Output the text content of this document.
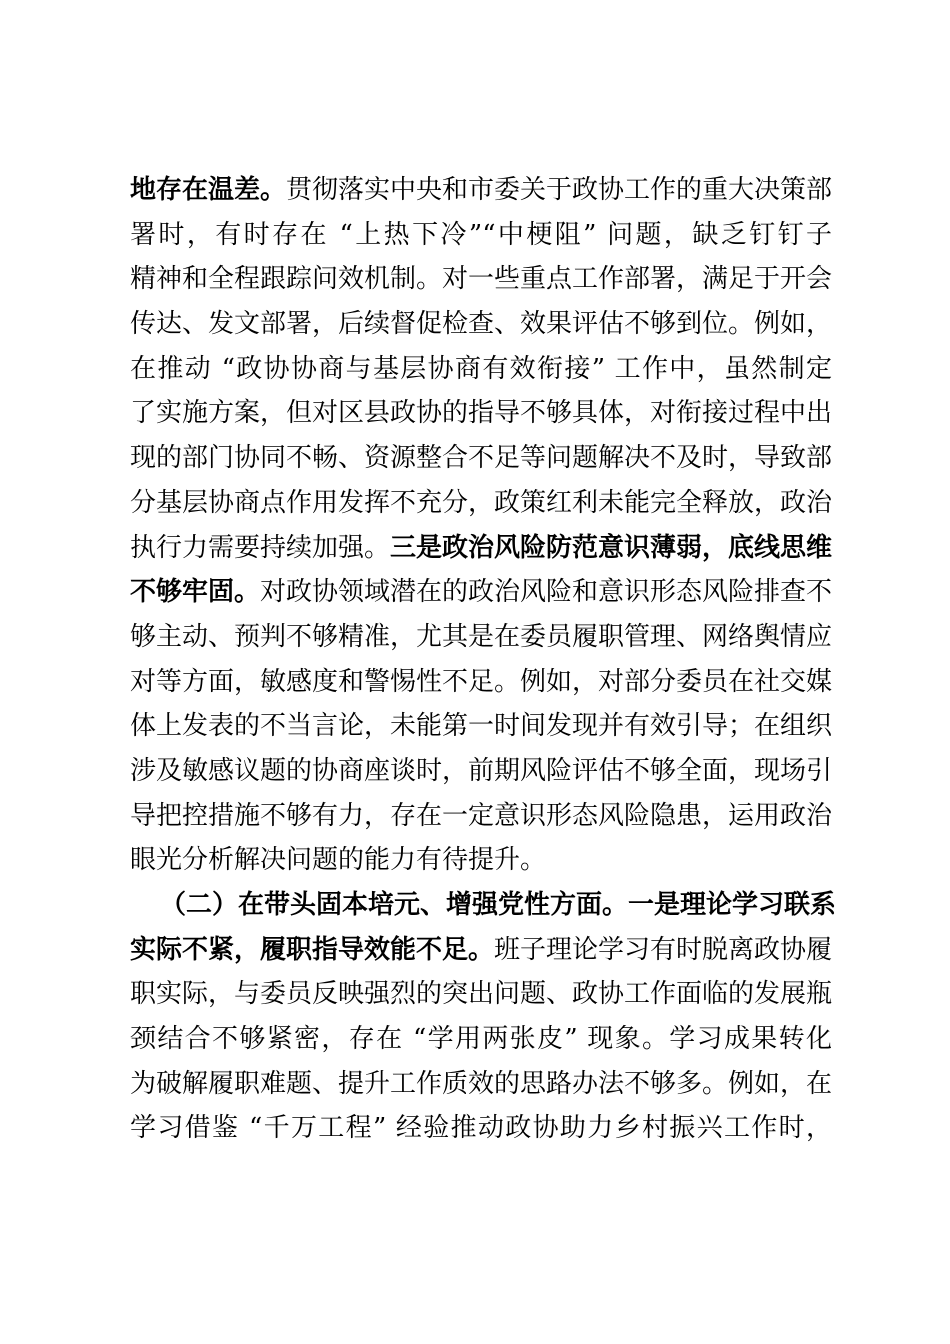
地存在温差。贯彻落实中央和市委关于政协工作的重大决策部
署时，有时存在 “上热下冷”“中梗阻” 问题，缺乏钉钉子
精神和全程跟踪问效机制。对一些重点工作部署，满足于开会
传达、发文部署，后续督促检查、效果评估不够到位。例如，
在推动 “政协协商与基层协商有效衔接” 工作中，虽然制定
了实施方案，但对区县政协的指导不够具体，对衔接过程中出
现的部门协同不畅、资源整合不足等问题解决不及时，导致部
分基层协商点作用发挥不充分，政策红利未能完全释放，政治
执行力需要持续加强。三是政治风险防范意识薄弱，底线思维
不够牢固。对政协领域潜在的政治风险和意识形态风险排查不
够主动、预判不够精准，尤其是在委员履职管理、网络舆情应
对等方面，敏感度和警惕性不足。例如，对部分委员在社交媒
体上发表的不当言论，未能第一时间发现并有效引导；在组织
涉及敏感议题的协商座谈时，前期风险评估不够全面，现场引
导把控措施不够有力，存在一定意识形态风险隐患，运用政治
眼光分析解决问题的能力有待提升。
（二）在带头固本培元、增强党性方面。一是理论学习联系
实际不紧，履职指导效能不足。班子理论学习有时脱离政协履
职实际，与委员反映强烈的突出问题、政协工作面临的发展瓶
颈结合不够紧密，存在 “学用两张皮” 现象。学习成果转化
为破解履职难题、提升工作质效的思路办法不够多。例如，在
学习借鉴 “千万工程” 经验推动政协助力乡村振兴工作时，
